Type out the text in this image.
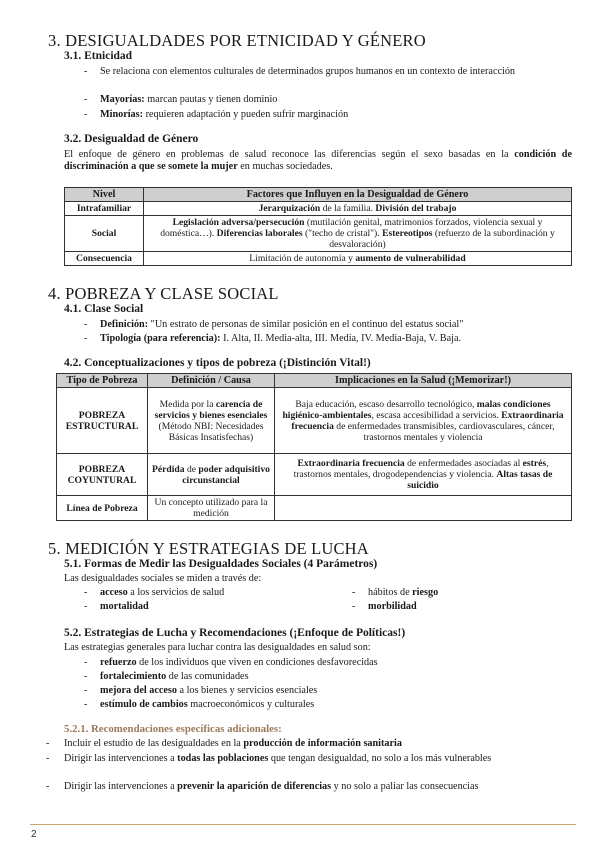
3. DESIGUALDADES POR ETNICIDAD Y GÉNERO
3.1. Etnicidad
- Se relaciona con elementos culturales de determinados grupos humanos en un contexto de interacción
- Mayorías: marcan pautas y tienen dominio
- Minorías: requieren adaptación y pueden sufrir marginación
3.2. Desigualdad de Género
El enfoque de género en problemas de salud reconoce las diferencias según el sexo basadas en la condición de discriminación a que se somete la mujer en muchas sociedades.
Nivel	Factores que Influyen en la Desigualdad de Género
Intrafamiliar	Jerarquización de la familia. División del trabajo
Social	Legislación adversa/persecución (mutilación genital, matrimonios forzados, violencia sexual y doméstica…). Diferencias laborales ("techo de cristal"). Estereotipos (refuerzo de la subordinación y desvaloración)
Consecuencia	Limitación de autonomía y aumento de vulnerabilidad
4. POBREZA Y CLASE SOCIAL
4.1. Clase Social
- Definición: "Un estrato de personas de similar posición en el continuo del estatus social"
- Tipología (para referencia): I. Alta, II. Media-alta, III. Media, IV. Media-Baja, V. Baja.
4.2. Conceptualizaciones y tipos de pobreza (¡Distinción Vital!)
Tipo de Pobreza	Definición / Causa	Implicaciones en la Salud (¡Memorizar!)
POBREZA ESTRUCTURAL	Medida por la carencia de servicios y bienes esenciales (Método NBI: Necesidades Básicas Insatisfechas)	Baja educación, escaso desarrollo tecnológico, malas condiciones higiénico-ambientales, escasa accesibilidad a servicios. Extraordinaria frecuencia de enfermedades transmisibles, cardiovasculares, cáncer, trastornos mentales y violencia
POBREZA COYUNTURAL	Pérdida de poder adquisitivo circunstancial	Extraordinaria frecuencia de enfermedades asociadas al estrés, trastornos mentales, drogodependencias y violencia. Altas tasas de suicidio
Línea de Pobreza	Un concepto utilizado para la medición	
5. MEDICIÓN Y ESTRATEGIAS DE LUCHA
5.1. Formas de Medir las Desigualdades Sociales (4 Parámetros)
Las desigualdades sociales se miden a través de:
- acceso a los servicios de salud
- mortalidad
- hábitos de riesgo
- morbilidad
5.2. Estrategias de Lucha y Recomendaciones (¡Enfoque de Políticas!)
Las estrategias generales para luchar contra las desigualdades en salud son:
- refuerzo de los individuos que viven en condiciones desfavorecidas
- fortalecimiento de las comunidades
- mejora del acceso a los bienes y servicios esenciales
- estímulo de cambios macroeconómicos y culturales
5.2.1. Recomendaciones específicas adicionales:
- Incluir el estudio de las desigualdades en la producción de información sanitaria
- Dirigir las intervenciones a todas las poblaciones que tengan desigualdad, no solo a los más vulnerables
- Dirigir las intervenciones a prevenir la aparición de diferencias y no solo a paliar las consecuencias
2
